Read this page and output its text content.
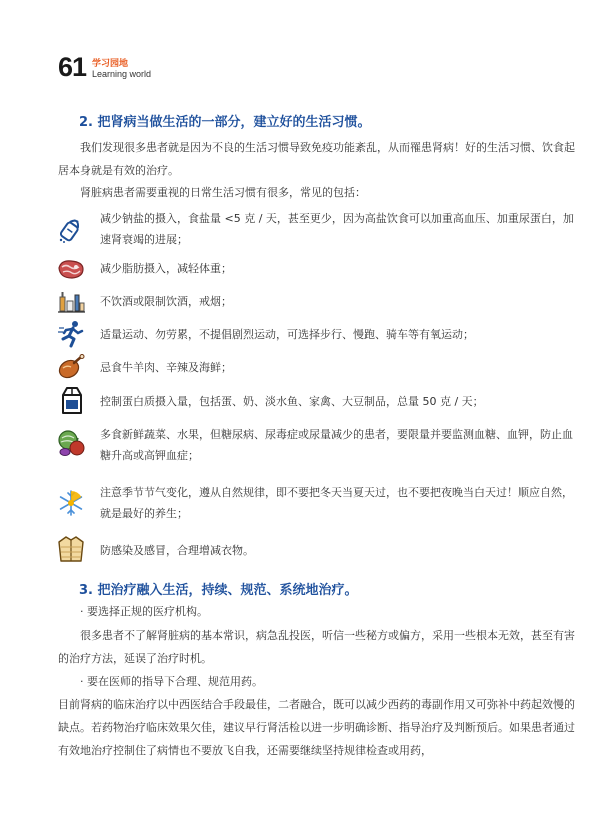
61 学习园地
Learning world
2. 把肾病当做生活的一部分，建立好的生活习惯。
我们发现很多患者就是因为不良的生活习惯导致免疫功能紊乱，从而罹患肾病！好的生活习惯、饮食起居本身就是有效的治疗。
肾脏病患者需要重视的日常生活习惯有很多，常见的包括：
减少钠盐的摄入，食盐量 <5 克 / 天，甚至更少，因为高盐饮食可以加重高血压、加重尿蛋白，加速肾衰竭的进展；
减少脂肪摄入，减轻体重；
不饮酒或限制饮酒，戒烟；
适量运动、勿劳累，不提倡剧烈运动，可选择步行、慢跑、骑车等有氧运动；
忌食牛羊肉、辛辣及海鲜；
控制蛋白质摄入量，包括蛋、奶、淡水鱼、家禽、大豆制品，总量 50 克 / 天；
多食新鲜蔬菜、水果，但糖尿病、尿毒症或尿量减少的患者，要限量并要监测血糖、血钾，防止血糖升高或高钾血症；
注意季节节气变化，遵从自然规律，即不要把冬天当夏天过，也不要把夜晚当白天过！顺应自然，就是最好的养生；
防感染及感冒，合理增减衣物。
3. 把治疗融入生活，持续、规范、系统地治疗。
· 要选择正规的医疗机构。
很多患者不了解肾脏病的基本常识，病急乱投医，听信一些秘方或偏方，采用一些根本无效，甚至有害的治疗方法，延误了治疗时机。
· 要在医师的指导下合理、规范用药。
目前肾病的临床治疗以中西医结合手段最佳，二者融合，既可以减少西药的毒副作用又可弥补中药起效慢的缺点。若药物治疗临床效果欠佳，建议早行肾活检以进一步明确诊断、指导治疗及判断预后。如果患者通过有效地治疗控制住了病情也不要放飞自我，还需要继续坚持规律检查或用药，
